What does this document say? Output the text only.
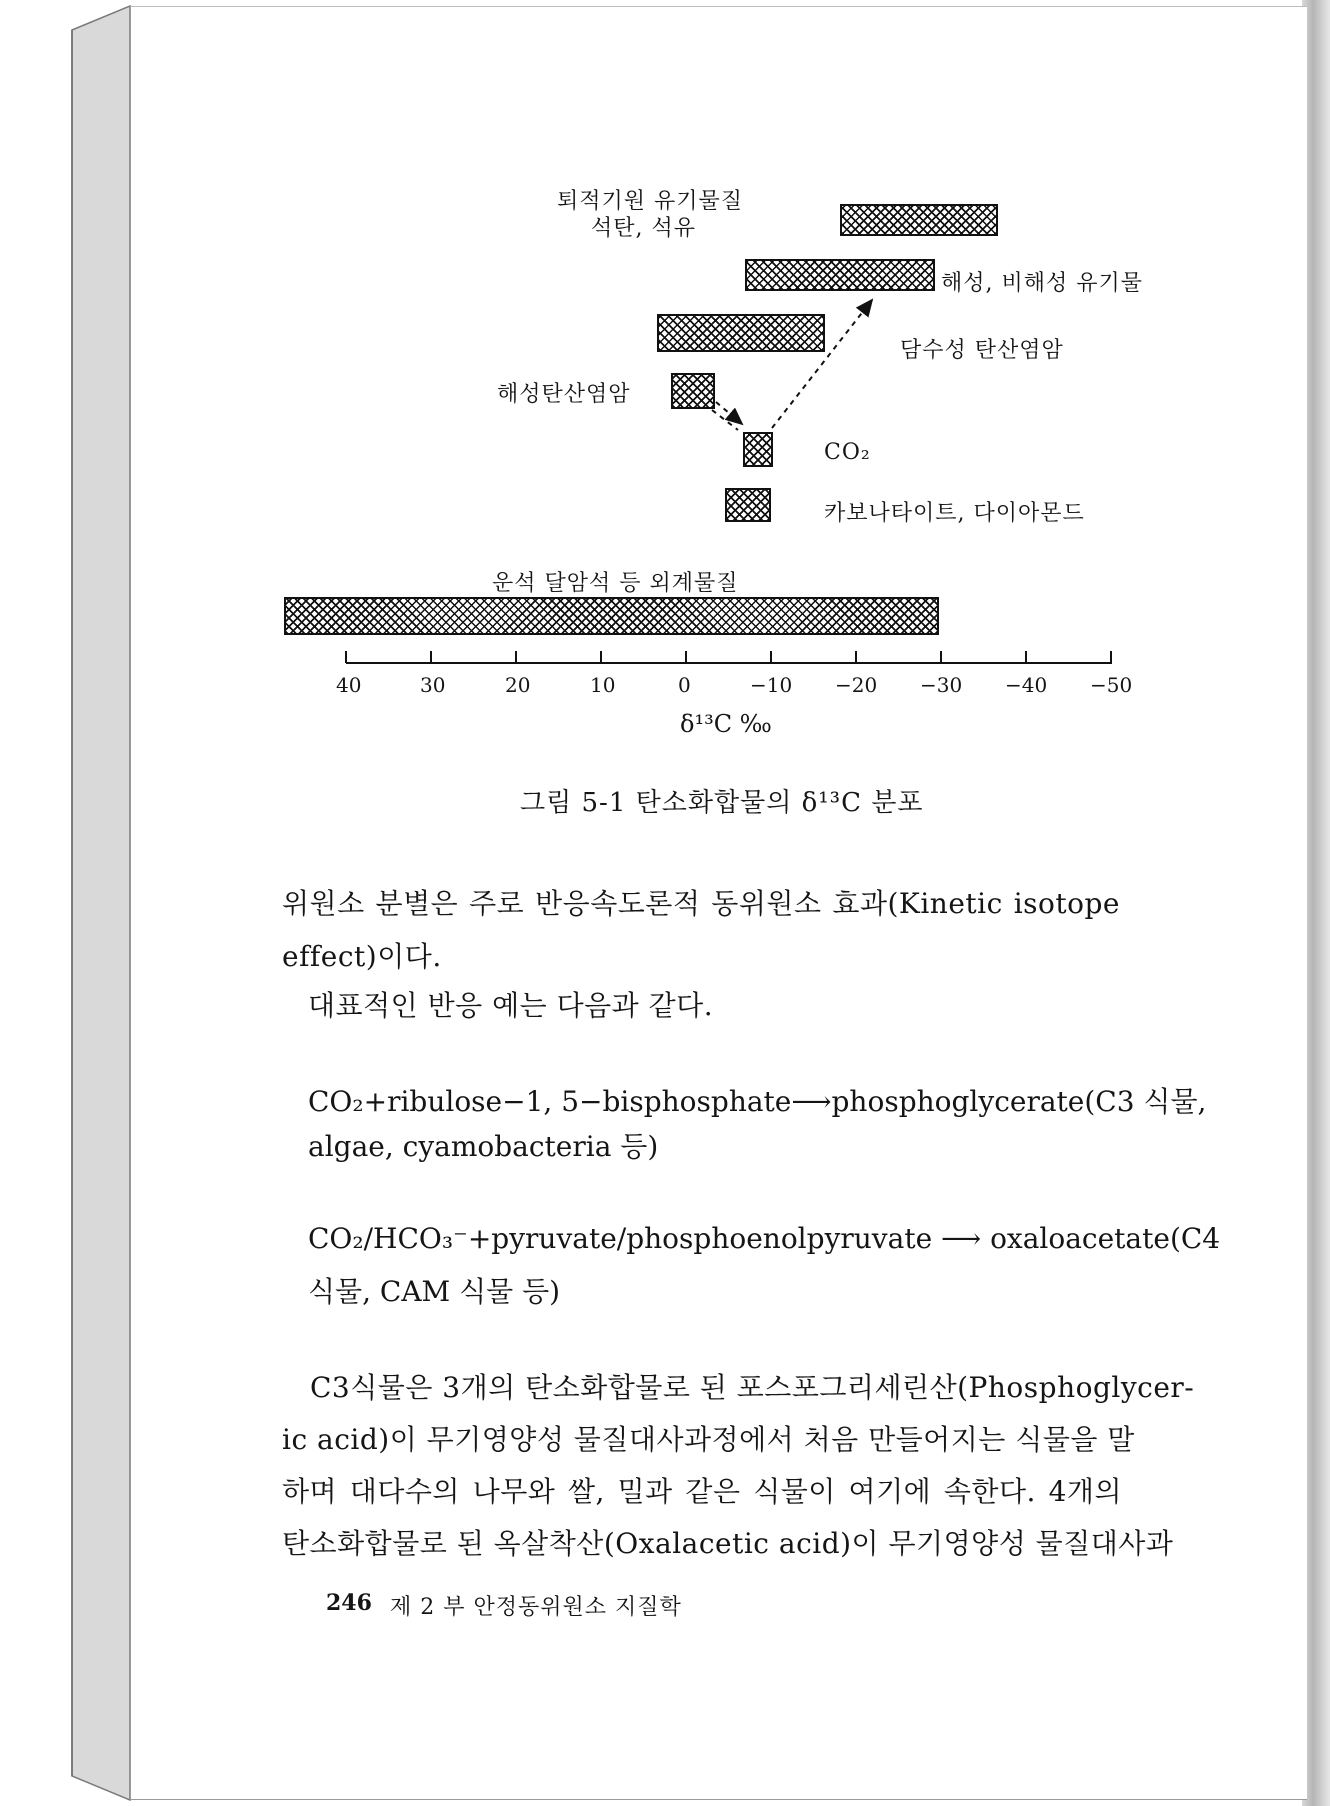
퇴적기원 유기물질
석탄, 석유
해성, 비해성 유기물
담수성 탄산염암
해성탄산염암
CO₂
카보나타이트, 다이아몬드
운석 달암석 등 외계물질
40	30	20	10	0	−10 −20 −30 −40 −50
δ¹³C ‰
그림 5-1 탄소화합물의 δ¹³C 분포
위원소 분별은 주로 반응속도론적 동위원소 효과(Kinetic isotope
effect)이다.
대표적인 반응 예는 다음과 같다.
CO₂+ribulose−1, 5−bisphosphate⟶phosphoglycerate(C3 식물,
algae, cyamobacteria 등)
CO₂/HCO₃⁻+pyruvate/phosphoenolpyruvate ⟶ oxaloacetate(C4
식물, CAM 식물 등)
C3식물은 3개의 탄소화합물로 된 포스포그리세린산(Phosphoglycer-
ic acid)이 무기영양성 물질대사과정에서 처음 만들어지는 식물을 말
하며 대다수의 나무와 쌀, 밀과 같은 식물이 여기에 속한다. 4개의
탄소화합물로 된 옥살착산(Oxalacetic acid)이 무기영양성 물질대사과
246 제 2 부 안정동위원소 지질학
